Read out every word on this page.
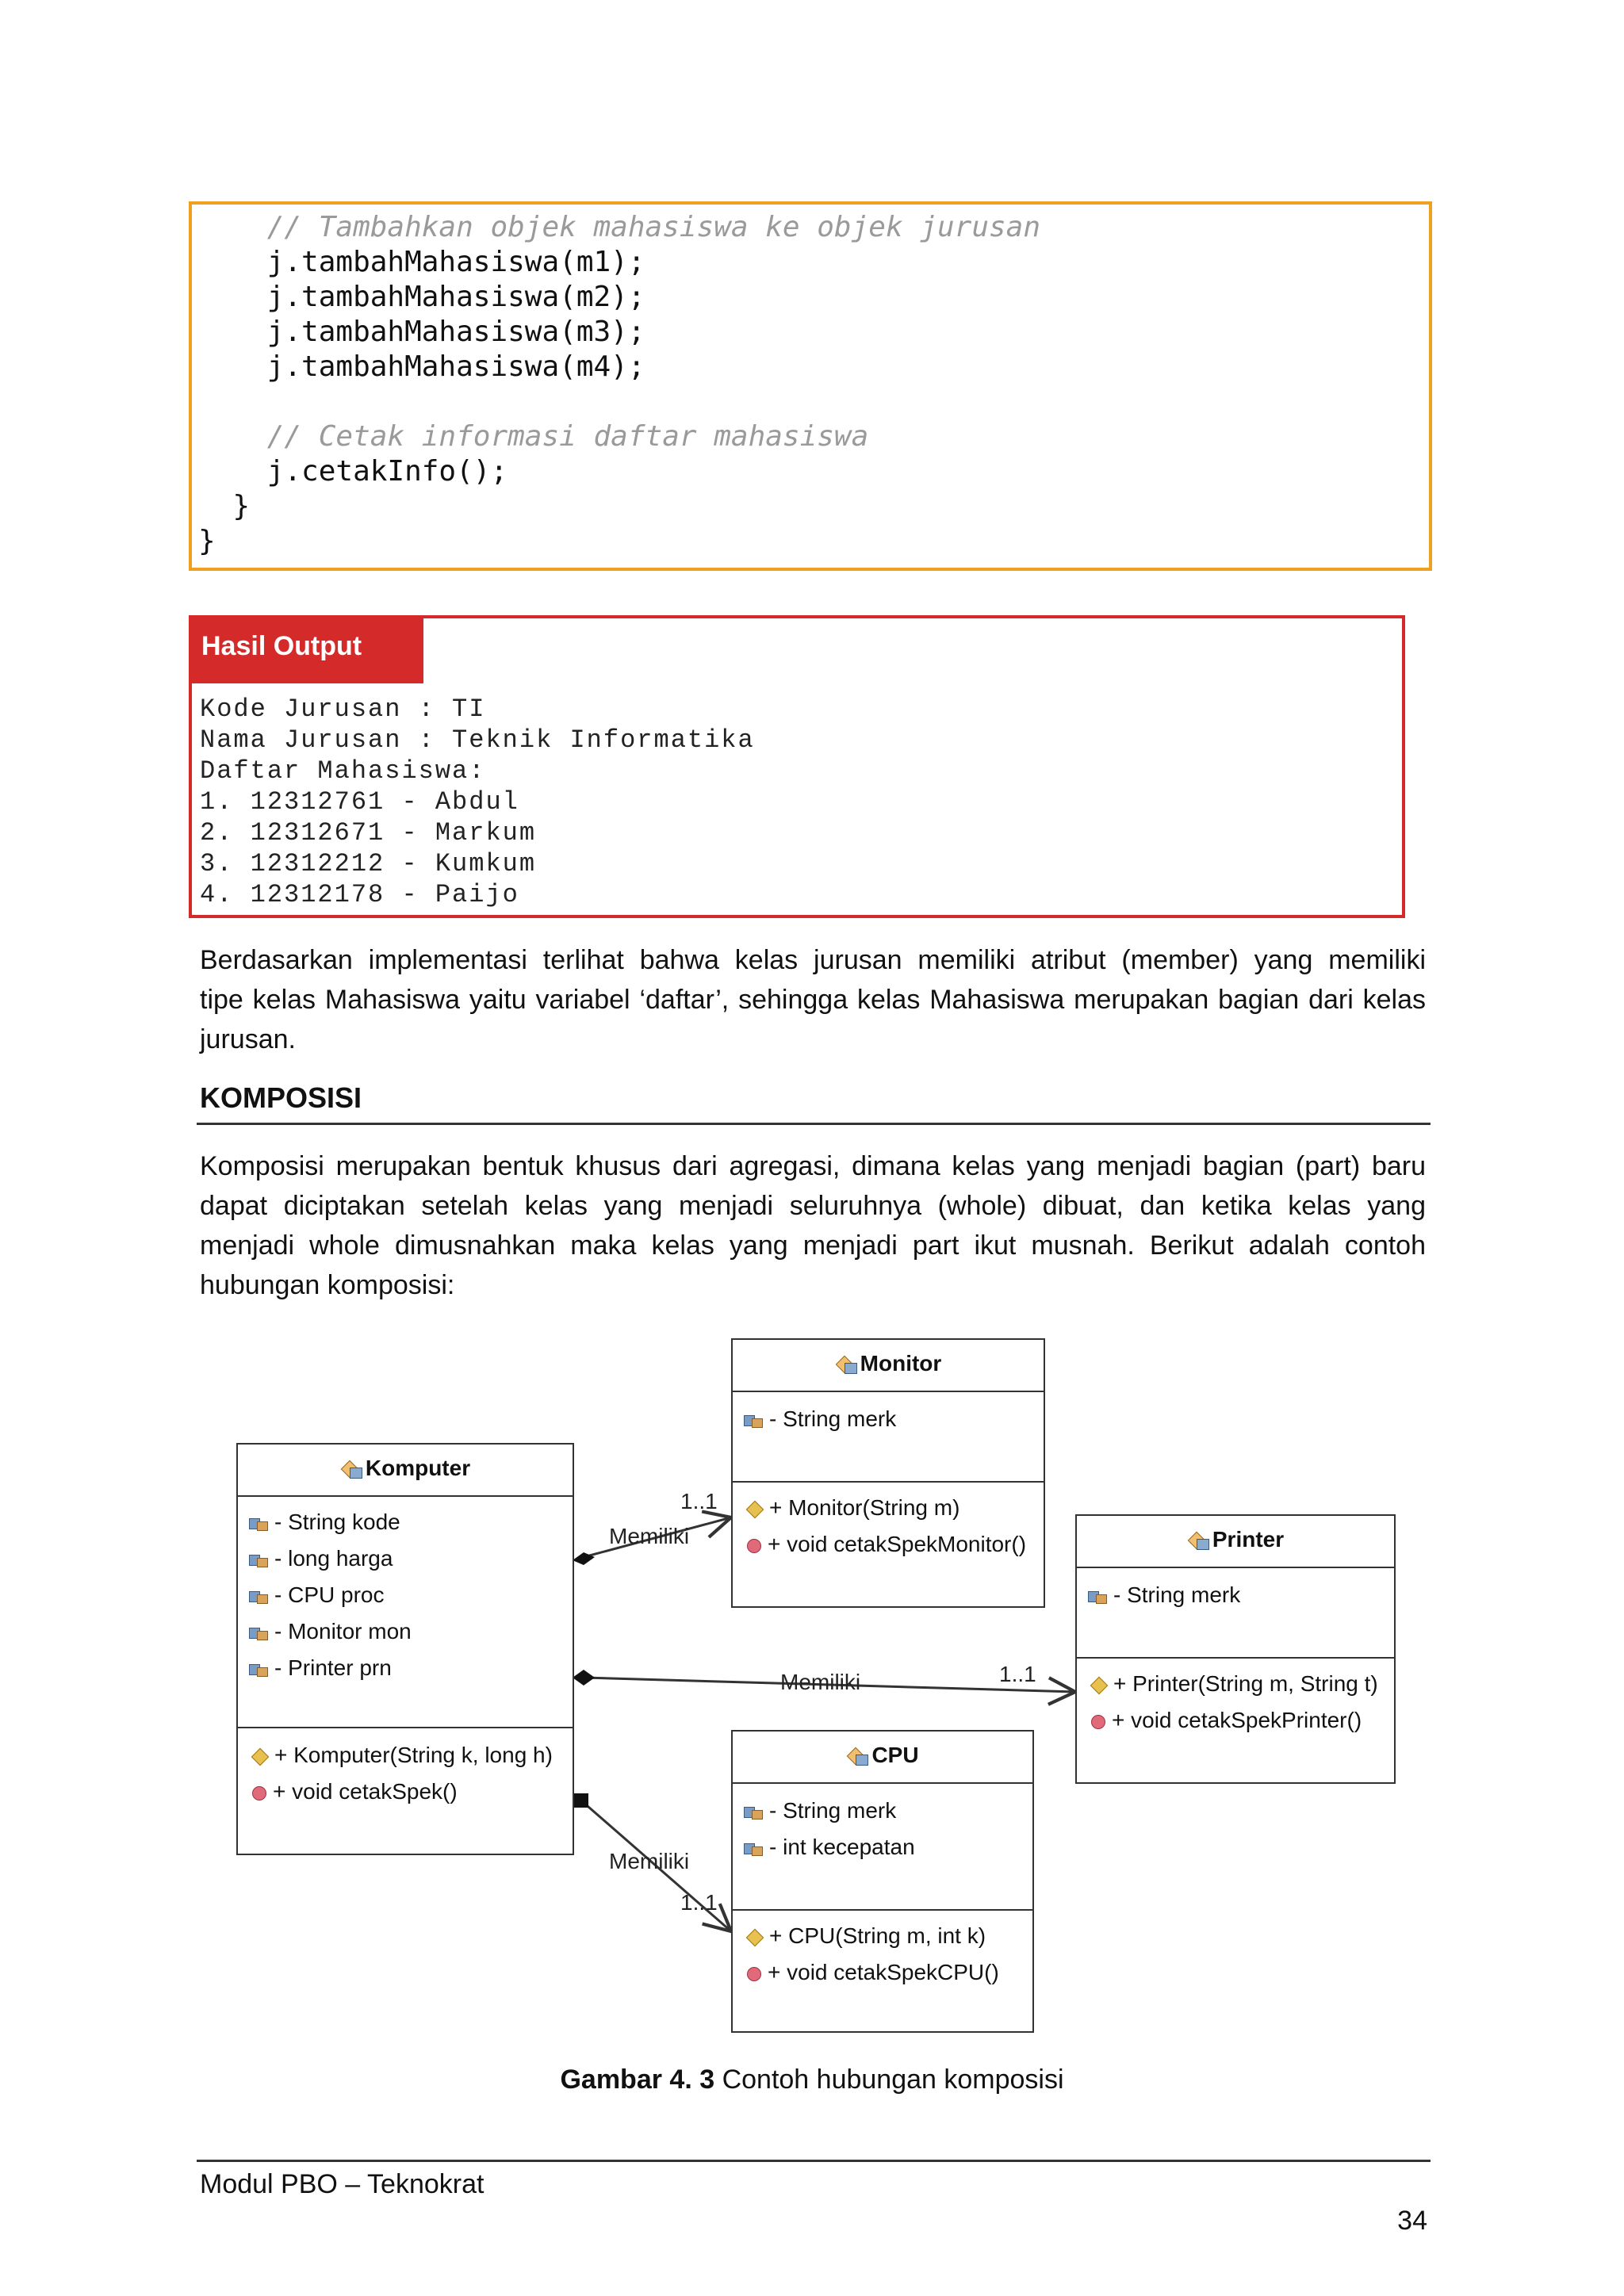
// Tambahkan objek mahasiswa ke objek jurusan
j.tambahMahasiswa(m1);
j.tambahMahasiswa(m2);
j.tambahMahasiswa(m3);
j.tambahMahasiswa(m4);
// Cetak informasi daftar mahasiswa
j.cetakInfo();
}
}
Hasil Output
Kode Jurusan : TI
Nama Jurusan : Teknik Informatika
Daftar Mahasiswa:
1. 12312761 - Abdul
2. 12312671 - Markum
3. 12312212 - Kumkum
4. 12312178 - Paijo
Berdasarkan implementasi terlihat bahwa kelas jurusan memiliki atribut (member) yang memiliki
tipe kelas Mahasiswa yaitu variabel ‘daftar’, sehingga kelas Mahasiswa merupakan bagian dari kelas
jurusan.
KOMPOSISI
Komposisi merupakan bentuk khusus dari agregasi, dimana kelas yang menjadi bagian (part) baru
dapat diciptakan setelah kelas yang menjadi seluruhnya (whole) dibuat, dan ketika kelas yang
menjadi whole dimusnahkan maka kelas yang menjadi part ikut musnah. Berikut adalah contoh
hubungan komposisi:
Komputer
- String kode
- long harga
- CPU proc
- Monitor mon
- Printer prn
+ Komputer(String k, long h)
+ void cetakSpek()
Monitor
- String merk
+ Monitor(String m)
+ void cetakSpekMonitor()	Printer
- String merk
+ Printer(String m, String t)
+ void cetakSpekPrinter()
CPU
- String merk
- int kecepatan
+ CPU(String m, int k)
+ void cetakSpekCPU()
Memiliki
1..1
Memiliki	1..1
Memiliki
1..1
Gambar 4. 3 Contoh hubungan komposisi
Modul PBO – Teknokrat
34
